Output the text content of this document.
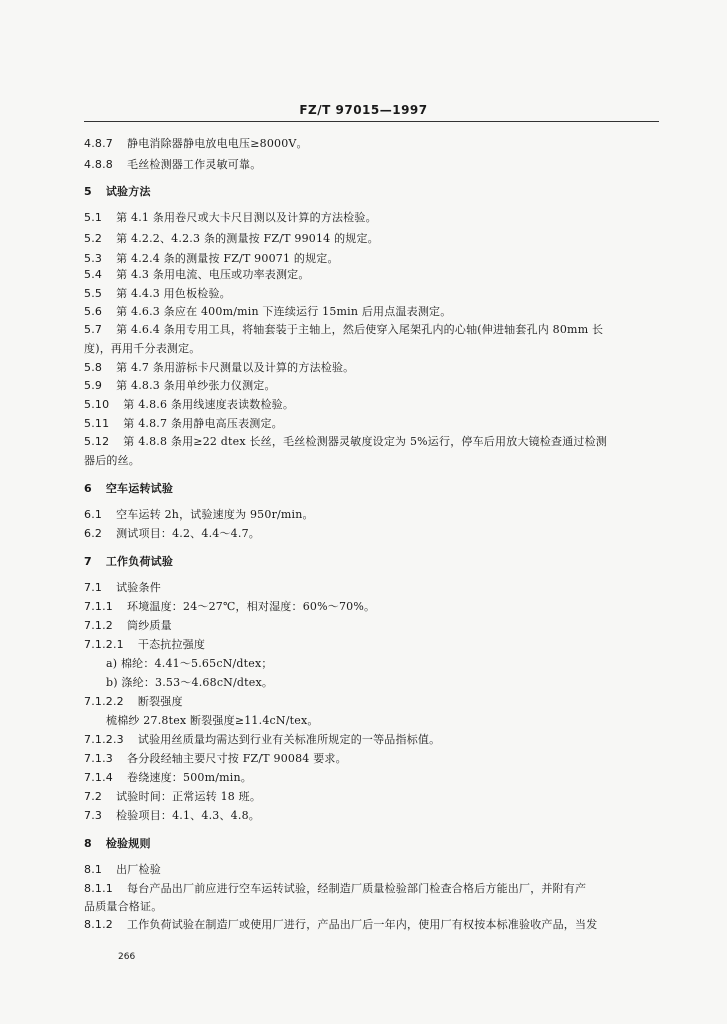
FZ/T 97015—1997
4.8.7 静电消除器静电放电电压≥8000V。
4.8.8 毛丝检测器工作灵敏可靠。
5 试验方法
5.1 第 4.1 条用卷尺或大卡尺目测以及计算的方法检验。
5.2 第 4.2.2、4.2.3 条的测量按 FZ/T 99014 的规定。
5.3 第 4.2.4 条的测量按 FZ/T 90071 的规定。
5.4 第 4.3 条用电流、电压或功率表测定。
5.5 第 4.4.3 用色板检验。
5.6 第 4.6.3 条应在 400m/min 下连续运行 15min 后用点温表测定。
5.7 第 4.6.4 条用专用工具，将轴套装于主轴上，然后使穿入尾架孔内的心轴(伸进轴套孔内 80mm 长
度)，再用千分表测定。
5.8 第 4.7 条用游标卡尺测量以及计算的方法检验。
5.9 第 4.8.3 条用单纱张力仪测定。
5.10 第 4.8.6 条用线速度表读数检验。
5.11 第 4.8.7 条用静电高压表测定。
5.12 第 4.8.8 条用≥22 dtex 长丝，毛丝检测器灵敏度设定为 5%运行，停车后用放大镜检查通过检测
器后的丝。
6 空车运转试验
6.1 空车运转 2h，试验速度为 950r/min。
6.2 测试项目：4.2、4.4～4.7。
7 工作负荷试验
7.1 试验条件
7.1.1 环境温度：24～27℃，相对湿度：60%～70%。
7.1.2 筒纱质量
7.1.2.1 干态抗拉强度
a) 棉纶：4.41～5.65cN/dtex；
b) 涤纶：3.53～4.68cN/dtex。
7.1.2.2 断裂强度
梳棉纱 27.8tex 断裂强度≥11.4cN/tex。
7.1.2.3 试验用丝质量均需达到行业有关标准所规定的一等品指标值。
7.1.3 各分段经轴主要尺寸按 FZ/T 90084 要求。
7.1.4 卷绕速度：500m/min。
7.2 试验时间：正常运转 18 班。
7.3 检验项目：4.1、4.3、4.8。
8 检验规则
8.1 出厂检验
8.1.1 每台产品出厂前应进行空车运转试验，经制造厂质量检验部门检查合格后方能出厂，并附有产
品质量合格证。
8.1.2 工作负荷试验在制造厂或使用厂进行，产品出厂后一年内，使用厂有权按本标准验收产品，当发
266
